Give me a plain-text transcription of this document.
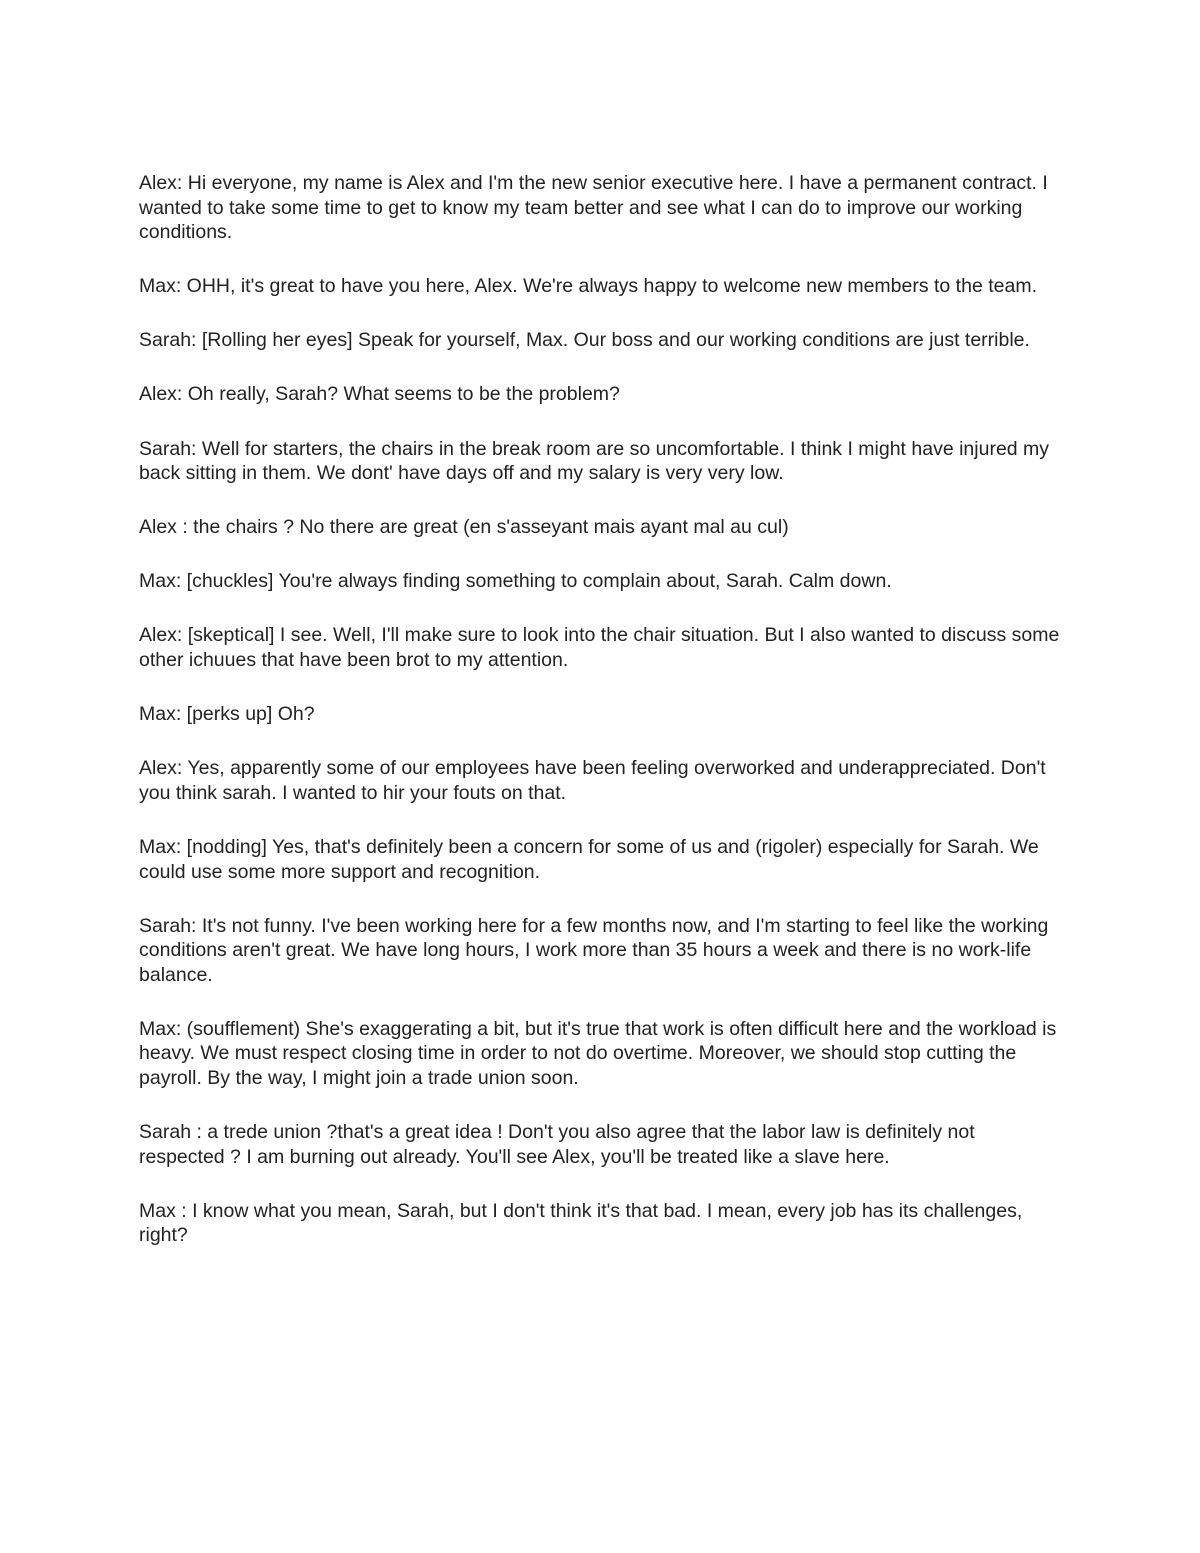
Alex: Hi everyone, my name is Alex and I'm the new senior executive here. I have a permanent contract. I wanted to take some time to get to know my team better and see what I can do to improve our working conditions.

Max: OHH, it's great to have you here, Alex. We're always happy to welcome new members to the team.

Sarah: [Rolling her eyes] Speak for yourself, Max. Our boss and our working conditions are just terrible.

Alex: Oh really, Sarah? What seems to be the problem?

Sarah: Well for starters, the chairs in the break room are so uncomfortable. I think I might have injured my back sitting in them. We dont' have days off and my salary is very very low.

Alex : the chairs ? No there are great (en s'asseyant mais ayant mal au cul)

Max: [chuckles] You're always finding something to complain about, Sarah. Calm down.

Alex: [skeptical] I see. Well, I'll make sure to look into the chair situation. But I also wanted to discuss some other ichuues that have been brot to my attention.

Max: [perks up] Oh?

Alex: Yes, apparently some of our employees have been feeling overworked and underappreciated. Don't you think sarah. I wanted to hir your fouts on that.

Max: [nodding] Yes, that's definitely been a concern for some of us and (rigoler) especially for Sarah. We could use some more support and recognition.

Sarah: It's not funny. I've been working here for a few months now, and I'm starting to feel like the working conditions aren't great. We have long hours, I work more than 35 hours a week and there is no work-life balance.

Max: (soufflement) She's exaggerating a bit, but it's true that work is often difficult here and the workload is heavy. We must respect closing time in order to not do overtime. Moreover, we should stop cutting the payroll. By the way, I might join a trade union soon.

Sarah : a trede union ?that's a great idea ! Don't you also agree that the labor law is definitely not respected ? I am burning out already. You'll see Alex, you'll be treated like a slave here.

Max : I know what you mean, Sarah, but I don't think it's that bad. I mean, every job has its challenges, right?
